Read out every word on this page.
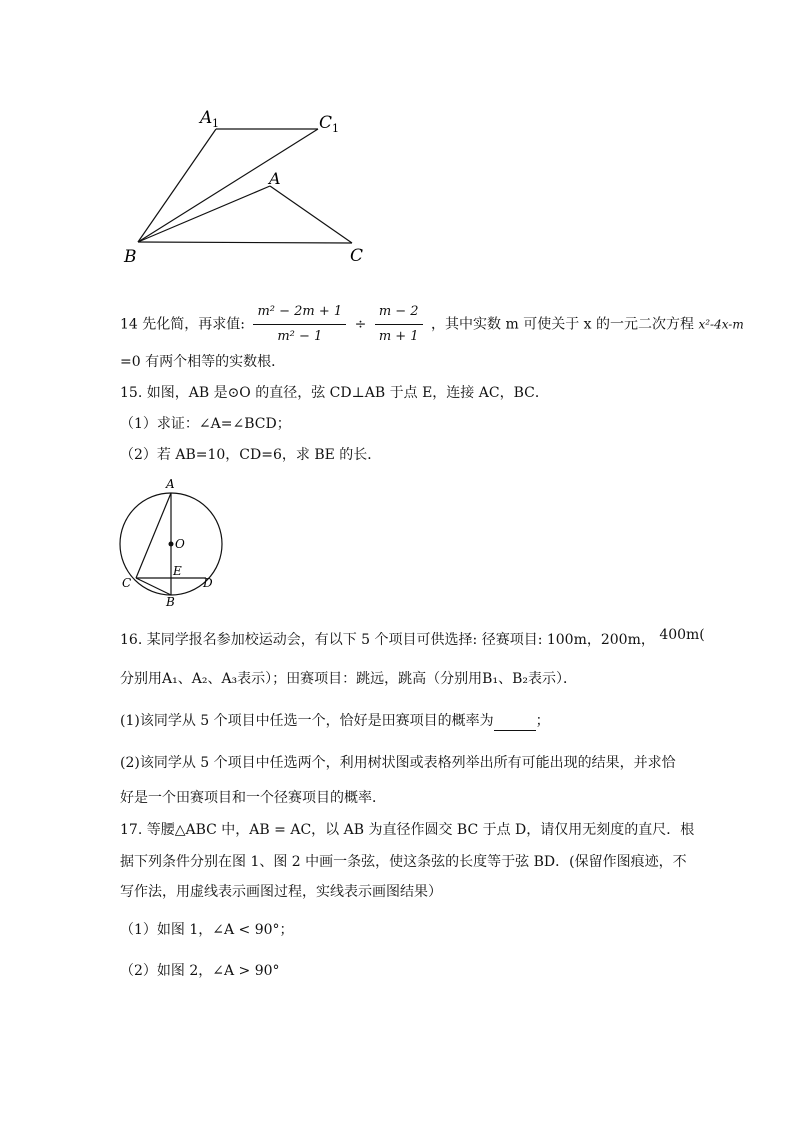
A 1	C 1
A
B	C
14 先化简，再求值: $\frac{\text{m² − 2m + 1}}{\text{m² − 1}} \div \frac{m - 2}{m + 1}$ ，其中实数 m 可使关于 x 的一元二次方程 x²-4x-m
=0 有两个相等的实数根．
15. 如图，AB 是⊙O 的直径，弦 CD⊥AB 于点 E，连接 AC，BC．
（1）求证：∠A=∠BCD；
（2）若 AB=10，CD=6，求 BE 的长．
A
O
E
C	D
B
16. 某同学报名参加校运动会，有以下 5 个项目可供选择: 径赛项目: 100m，200m， 400m(
分别用A₁、A₂、A₃表示）；田赛项目：跳远，跳高（分别用B₁、B₂表示）．
(1)该同学从 5 个项目中任选一个，恰好是田赛项目的概率为	；
(2)该同学从 5 个项目中任选两个，利用树状图或表格列举出所有可能出现的结果，并求恰
好是一个田赛项目和一个径赛项目的概率．
17. 等腰△ABC 中，AB = AC，以 AB 为直径作圆交 BC 于点 D，请仅用无刻度的直尺．根
据下列条件分别在图 1、图 2 中画一条弦，使这条弦的长度等于弦 BD．(保留作图痕迹，不
写作法，用虚线表示画图过程，实线表示画图结果）
（1）如图 1，∠A < 90°；
（2）如图 2，∠A > 90°
